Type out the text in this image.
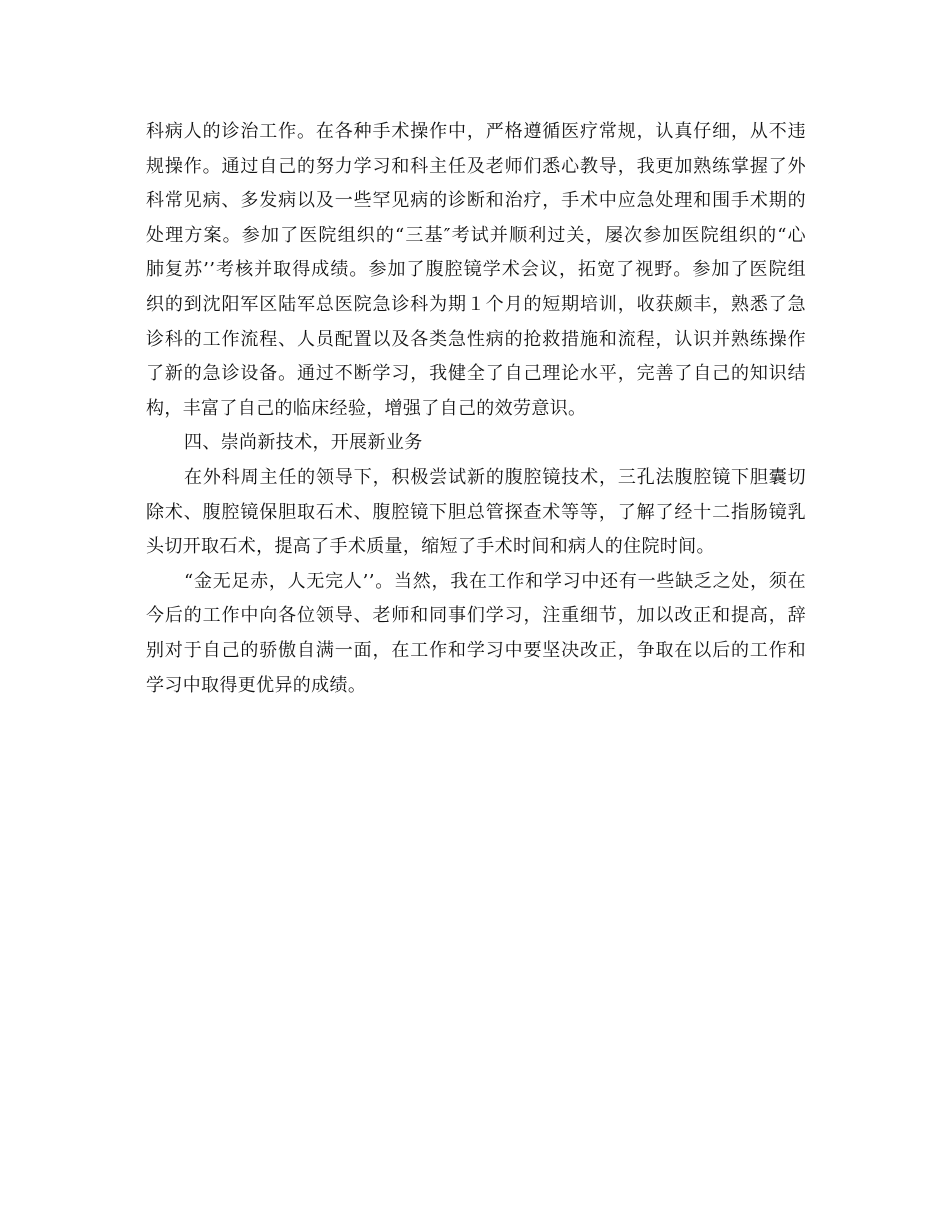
科病人的诊治工作。在各种手术操作中，严格遵循医疗常规，认真仔细，从不违
规操作。通过自己的努力学习和科主任及老师们悉心教导，我更加熟练掌握了外
科常见病、多发病以及一些罕见病的诊断和治疗，手术中应急处理和围手术期的
处理方案。参加了医院组织的“三基″考试并顺利过关，屡次参加医院组织的“心
肺复苏’’考核并取得成绩。参加了腹腔镜学术会议，拓宽了视野。参加了医院组
织的到沈阳军区陆军总医院急诊科为期１个月的短期培训，收获颇丰，熟悉了急
诊科的工作流程、人员配置以及各类急性病的抢救措施和流程，认识并熟练操作
了新的急诊设备。通过不断学习，我健全了自己理论水平，完善了自己的知识结
构，丰富了自己的临床经验，增强了自己的效劳意识。

四、崇尚新技术，开展新业务

在外科周主任的领导下，积极尝试新的腹腔镜技术，三孔法腹腔镜下胆囊切
除术、腹腔镜保胆取石术、腹腔镜下胆总管探查术等等，了解了经十二指肠镜乳
头切开取石术，提高了手术质量，缩短了手术时间和病人的住院时间。

“金无足赤，人无完人’’。当然，我在工作和学习中还有一些缺乏之处，须在
今后的工作中向各位领导、老师和同事们学习，注重细节，加以改正和提高，辞
别对于自己的骄傲自满一面，在工作和学习中要坚决改正，争取在以后的工作和
学习中取得更优异的成绩。
